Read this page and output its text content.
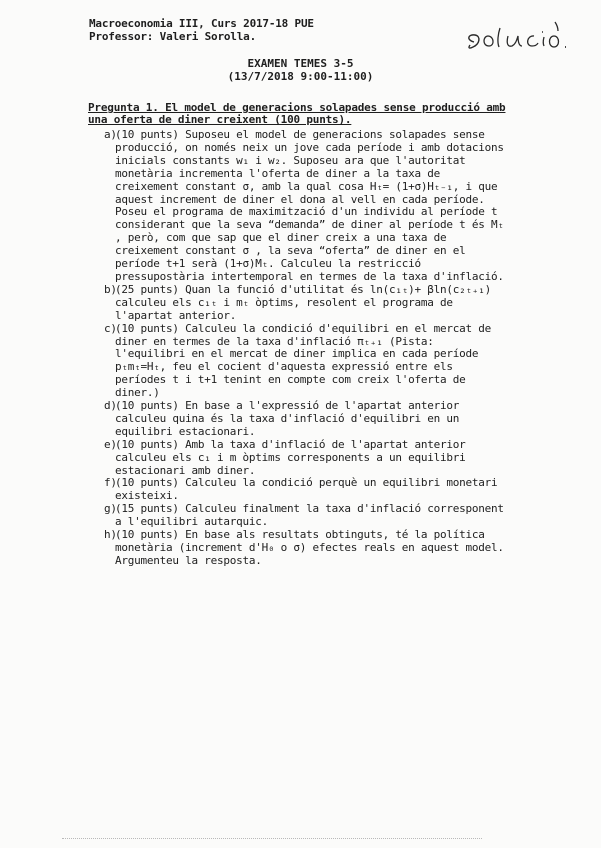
Macroeconomia III, Curs 2017-18 PUE
Professor: Valeri Sorolla.
solució
EXAMEN TEMES 3-5
(13/7/2018 9:00-11:00)
Pregunta 1. El model de generacions solapades sense producció amb una oferta de diner creixent (100 punts).
a)
(10 punts) Suposeu el model de generacions solapades sense producció, on només neix un jove cada període i amb dotacions inicials constants w₁ i w₂. Suposeu ara que l'autoritat monetària incrementa l'oferta de diner a la taxa de creixement constant σ, amb la qual cosa Hₜ= (1+σ)Hₜ₋₁, i que aquest increment de diner el dona al vell en cada període. Poseu el programa de maximització d'un individu al període t considerant que la seva “demanda” de diner al període t és Mₜ , però, com que sap que el diner creix a una taxa de creixement constant σ , la seva “oferta” de diner en el període t+1 serà (1+σ)Mₜ. Calculeu la restricció pressupostària intertemporal en termes de la taxa d'inflació.
b)
(25 punts) Quan la funció d'utilitat és ln(c₁ₜ)+ βln(c₂ₜ₊₁) calculeu els c₁ₜ i mₜ òptims, resolent el programa de l'apartat anterior.
c)
(10 punts) Calculeu la condició d'equilibri en el mercat de diner en termes de la taxa d'inflació πₜ₊₁ (Pista: l'equilibri en el mercat de diner implica en cada període pₜmₜ=Hₜ, feu el cocient d'aquesta expressió entre els períodes t i t+1 tenint en compte com creix l'oferta de diner.)
d)
(10 punts) En base a l'expressió de l'apartat anterior calculeu quina és la taxa d'inflació d'equilibri en un equilibri estacionari.
e)
(10 punts) Amb la taxa d'inflació de l'apartat anterior calculeu els c₁ i m òptims corresponents a un equilibri estacionari amb diner.
f)
(10 punts) Calculeu la condició perquè un equilibri monetari existeixi.
g)
(15 punts) Calculeu finalment la taxa d'inflació corresponent a l'equilibri autarquic.
h)
(10 punts) En base als resultats obtinguts, té la política monetària (increment d'H₀ o σ) efectes reals en aquest model. Argumenteu la resposta.
